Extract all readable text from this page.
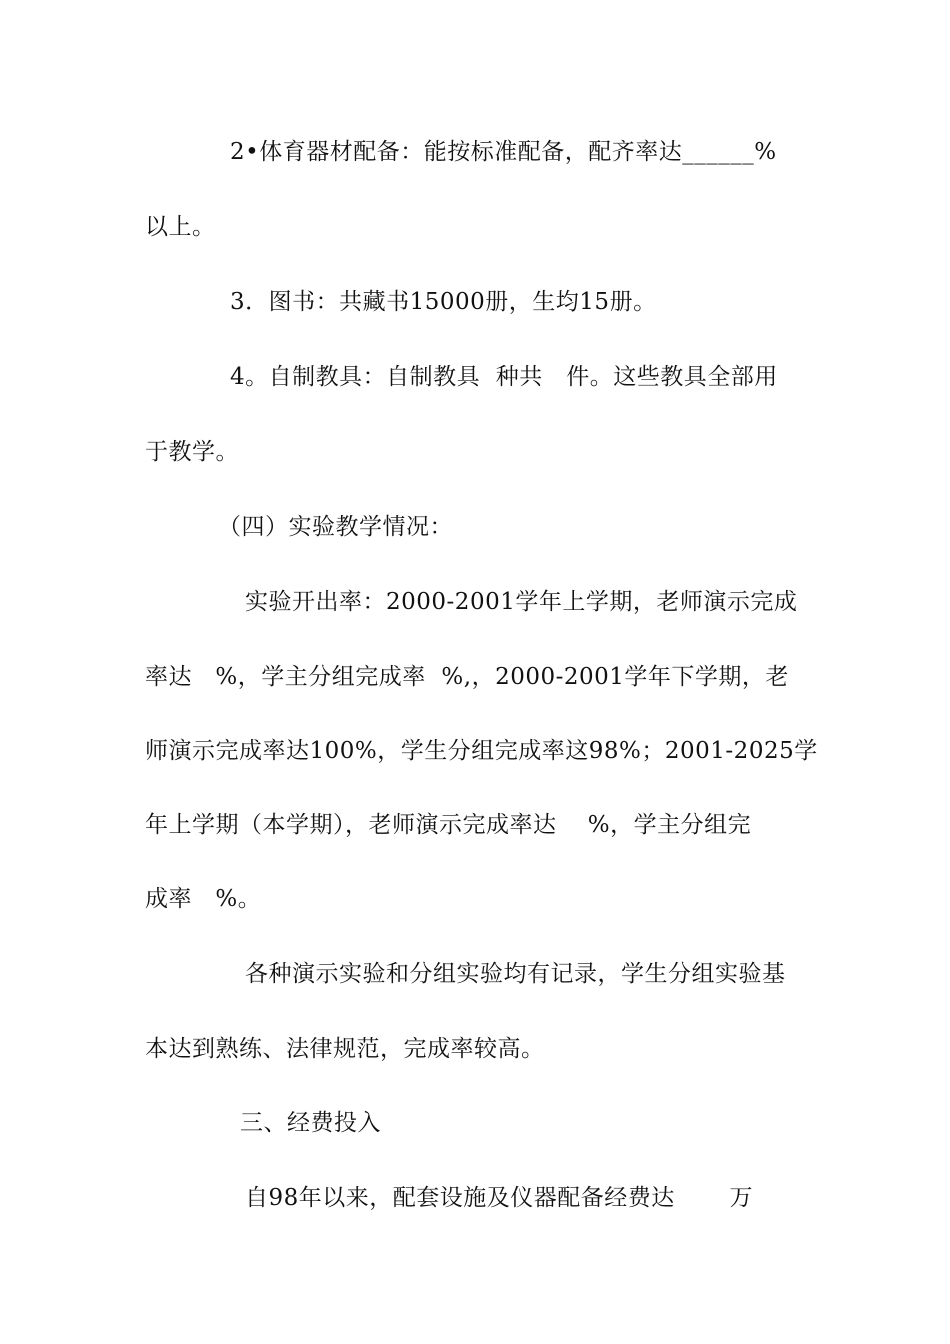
2•体育器材配备：能按标准配备，配齐率达______%
以上。
3．图书：共藏书15000册，生均15册。
4。自制教具：自制教具  种共   件。这些教具全部用
于教学。
（四）实验教学情况：
实验开出率：2000-2001学年上学期，老师演示完成
率达   %，学主分组完成率  %,，2000-2001学年下学期，老
师演示完成率达100%，学生分组完成率这98%；2001-2025学
年上学期（本学期），老师演示完成率达    %，学主分组完
成率   %。
各种演示实验和分组实验均有记录，学生分组实验基
本达到熟练、法律规范，完成率较高。
三、经费投入
自98年以来，配套设施及仪器配备经费达       万
